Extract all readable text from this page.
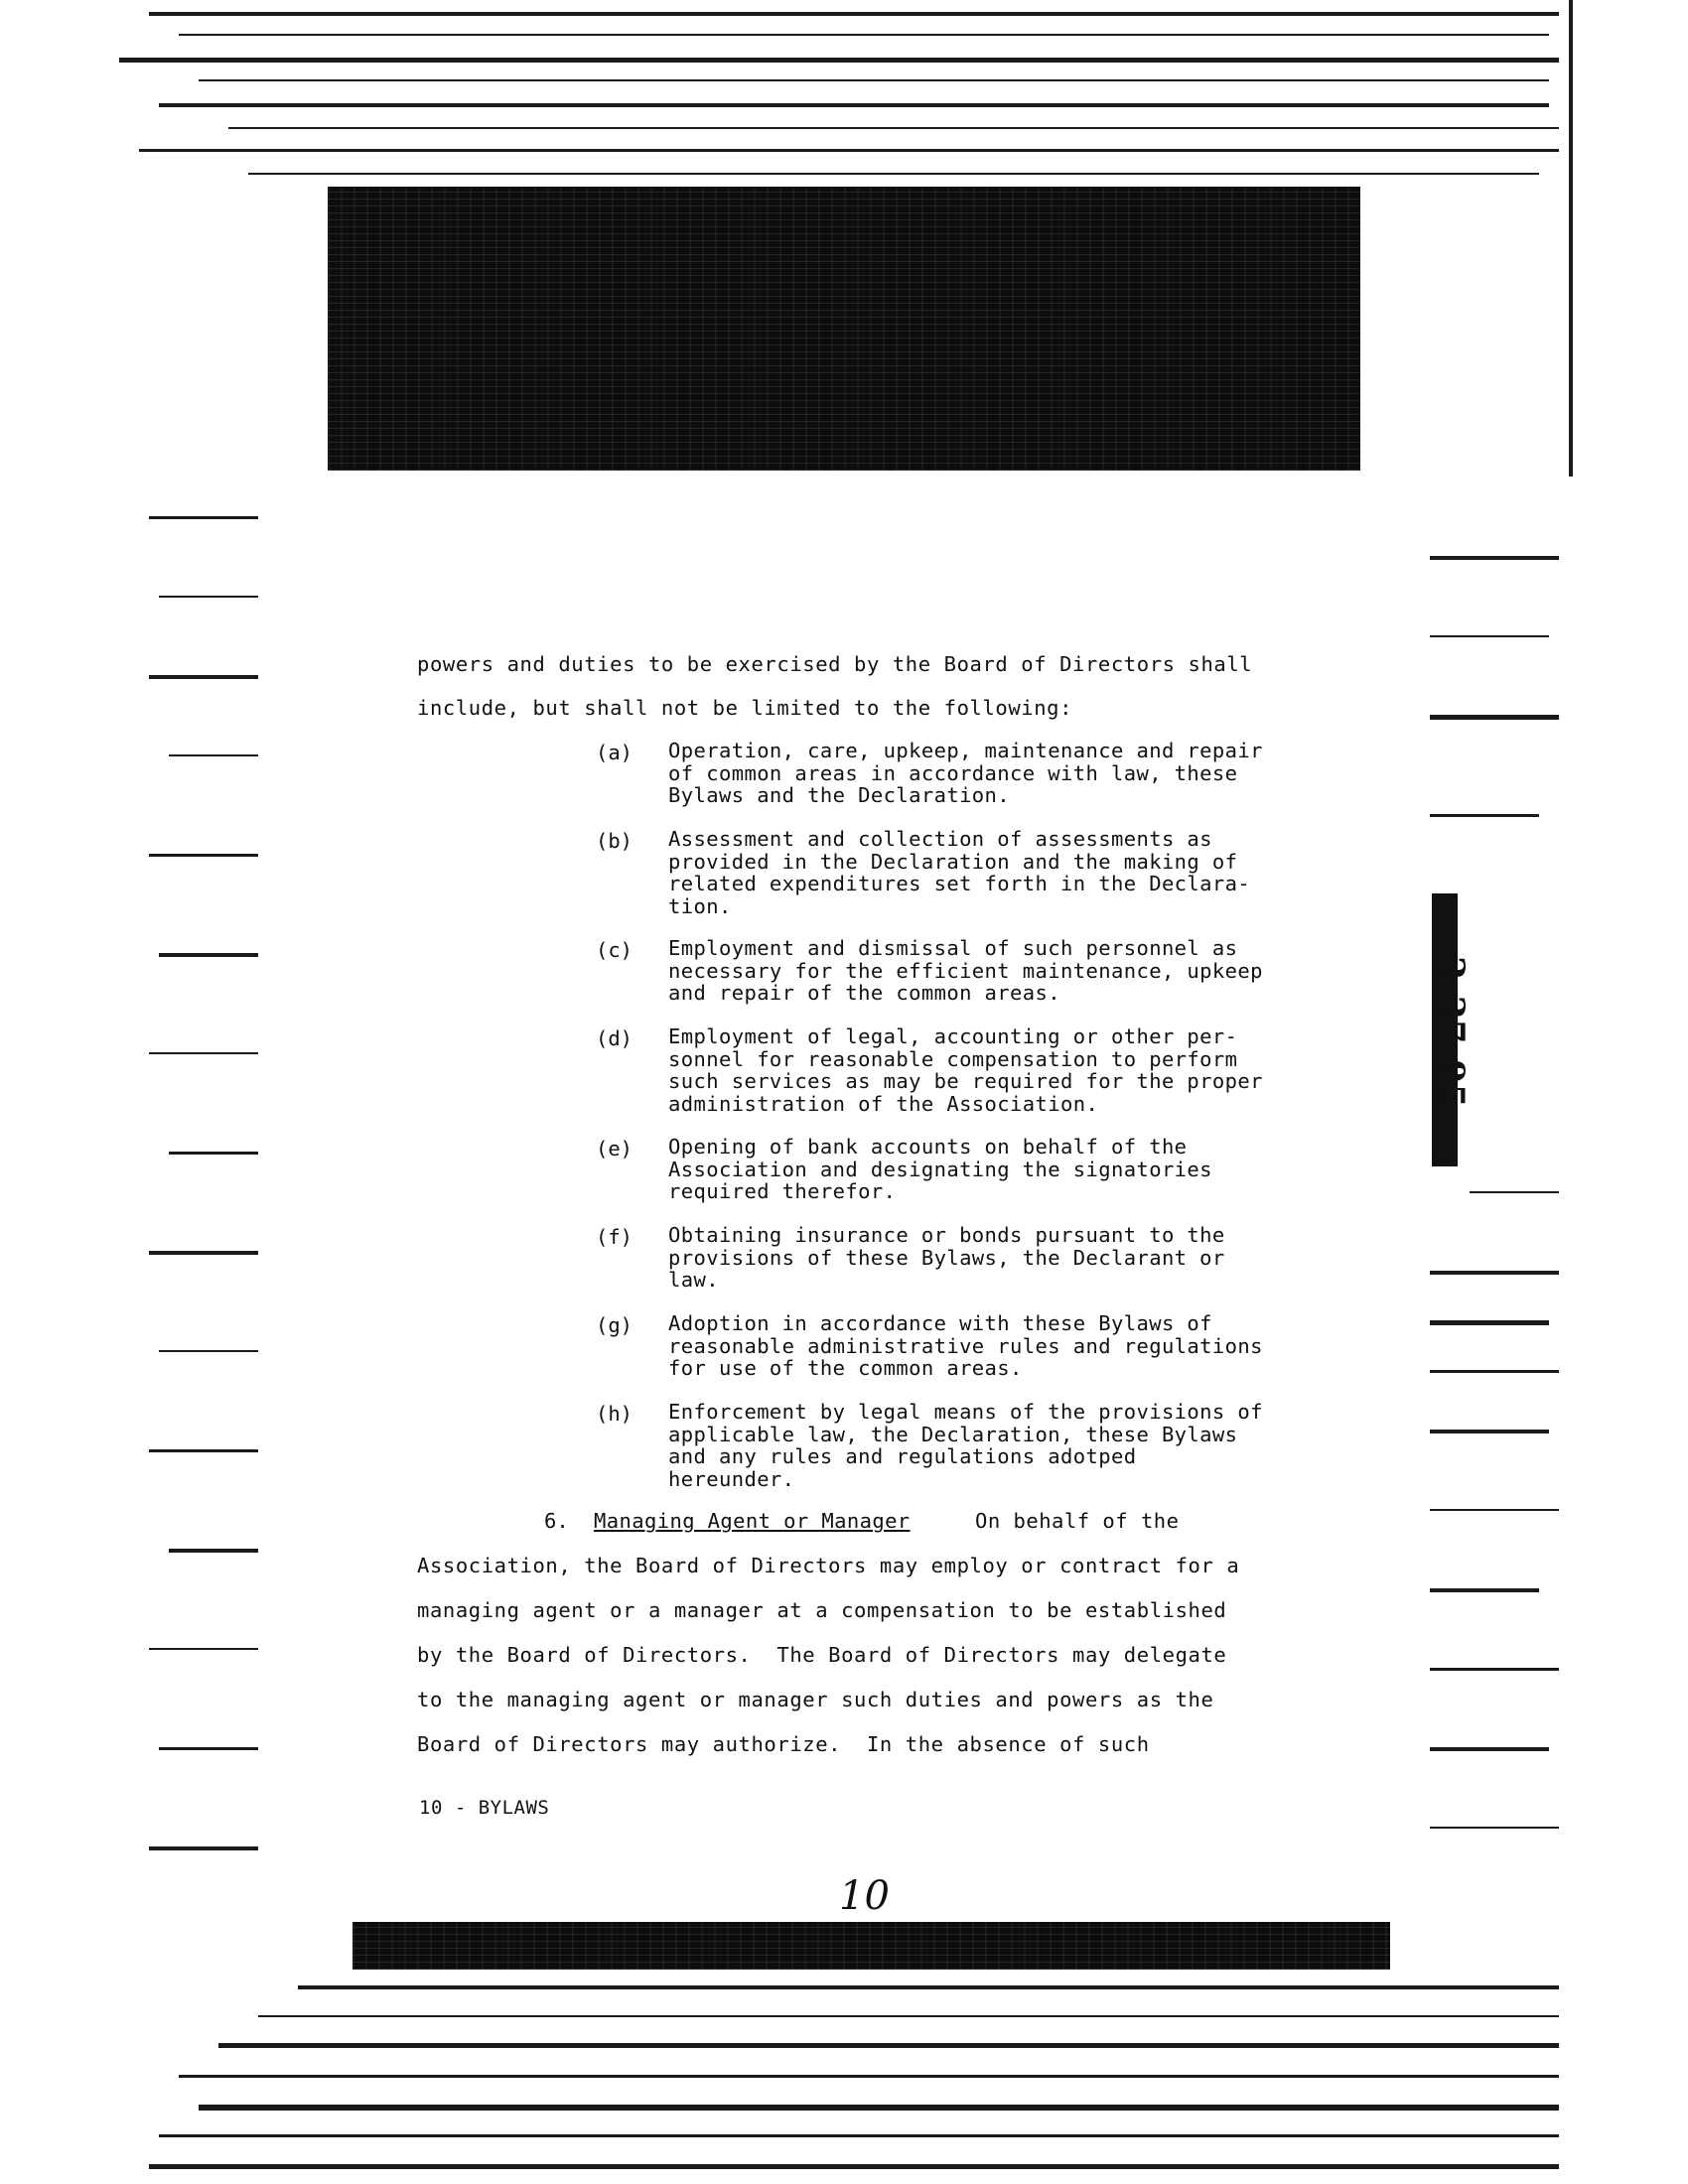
2-27-95
powers and duties to be exercised by the Board of Directors shall
include, but shall not be limited to the following:
(a) Operation, care, upkeep, maintenance and repair
of common areas in accordance with law, these
Bylaws and the Declaration.
(b) Assessment and collection of assessments as
provided in the Declaration and the making of
related expenditures set forth in the Declara-
tion.
(c) Employment and dismissal of such personnel as
necessary for the efficient maintenance, upkeep
and repair of the common areas.
(d) Employment of legal, accounting or other per-
sonnel for reasonable compensation to perform
such services as may be required for the proper
administration of the Association.
(e) Opening of bank accounts on behalf of the
Association and designating the signatories
required therefor.
(f) Obtaining insurance or bonds pursuant to the
provisions of these Bylaws, the Declarant or
law.
(g) Adoption in accordance with these Bylaws of
reasonable administrative rules and regulations
for use of the common areas.
(h) Enforcement by legal means of the provisions of
applicable law, the Declaration, these Bylaws
and any rules and regulations adotped
hereunder.
6. Managing Agent or Manager	On behalf of the
Association, the Board of Directors may employ or contract for a
managing agent or a manager at a compensation to be established
by the Board of Directors.  The Board of Directors may delegate
to the managing agent or manager such duties and powers as the
Board of Directors may authorize.  In the absence of such
10 - BYLAWS
10
